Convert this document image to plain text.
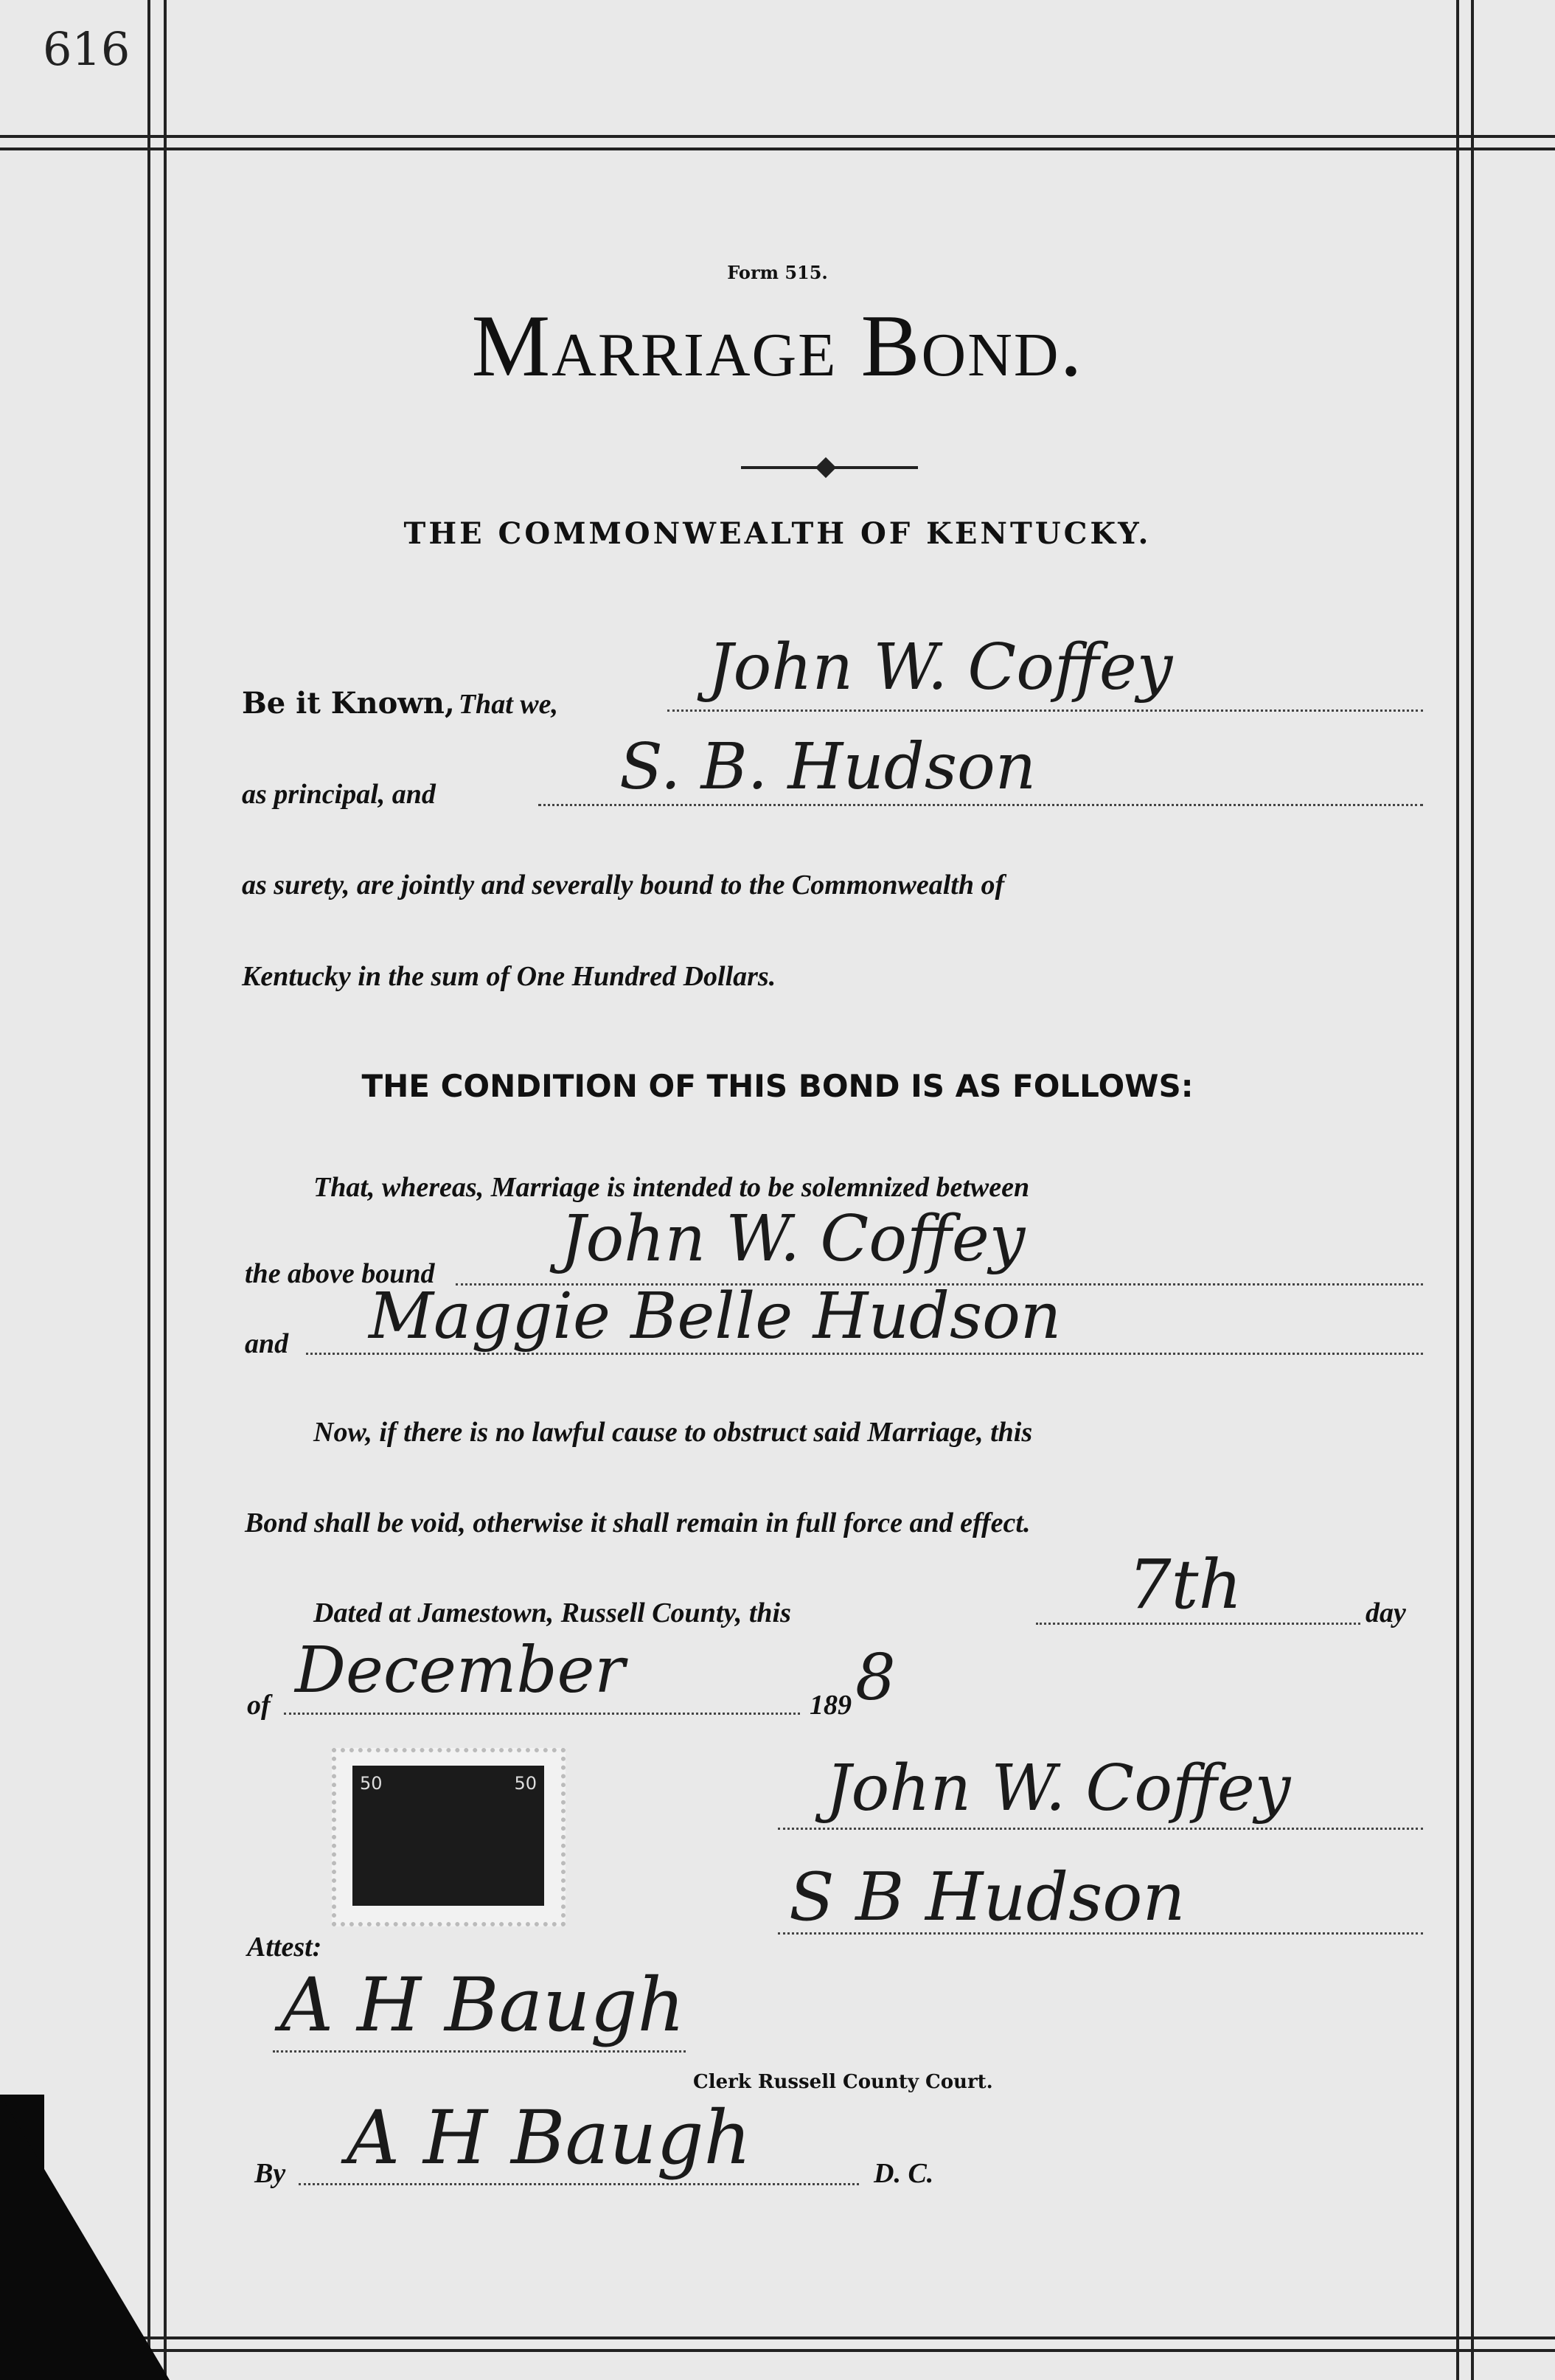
616
Form 515.
Marriage Bond.
THE COMMONWEALTH OF KENTUCKY.
Be it Known, That we, John W. Coffey
as principal, and	S. B. Hudson
as surety, are jointly and severally bound to the Commonwealth of
Kentucky in the sum of One Hundred Dollars.
THE CONDITION OF THIS BOND IS AS FOLLOWS:
That, whereas, Marriage is intended to be solemnized between
the above bound John W. Coffey
and Maggie Belle Hudson
Now, if there is no lawful cause to obstruct said Marriage, this
Bond shall be void, otherwise it shall remain in full force and effect.
Dated at Jamestown, Russell County, this	7th	day
of December	189 8
50	50	John W. Coffey
S B Hudson
Attest:
A H Baugh
Clerk Russell County Court.
By A H Baugh	D. C.
